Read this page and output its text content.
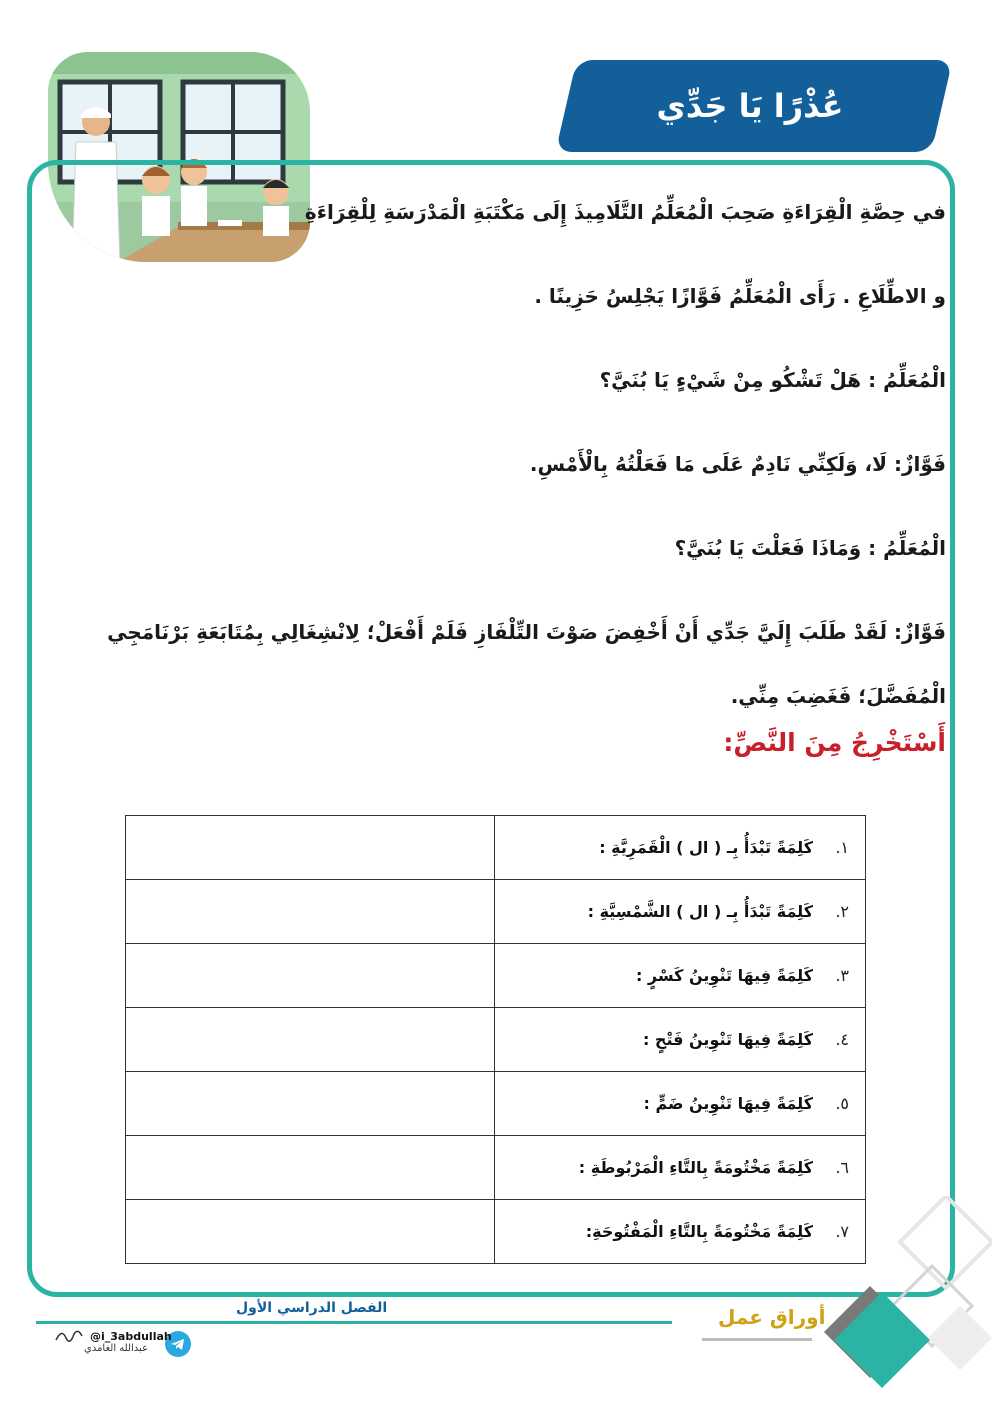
عُذْرًا يَا جَدِّي

في حِصَّةِ الْقِرَاءَةِ صَحِبَ الْمُعَلِّمُ التَّلَامِيذَ إِلَى مَكْتَبَةِ الْمَدْرَسَةِ لِلْقِرَاءَةِ

و الاطِّلَاعِ . رَأَى الْمُعَلِّمُ فَوَّازًا يَجْلِسُ حَزِينًا .

الْمُعَلِّمُ : هَلْ تَشْكُو مِنْ شَيْءٍ يَا بُنَيَّ؟

فَوَّازٌ: لَا، وَلَكِنِّي نَادِمٌ عَلَى مَا فَعَلْتُهُ بِالْأَمْسِ.

الْمُعَلِّمُ : وَمَاذَا فَعَلْتَ يَا بُنَيَّ؟

فَوَّازٌ: لَقَدْ طَلَبَ إِلَيَّ جَدِّي أَنْ أَخْفِضَ صَوْتَ التِّلْفَازِ فَلَمْ أَفْعَلْ؛ لِانْشِغَالِي بِمُتَابَعَةِ بَرْنَامَجِي

الْمُفَضَّلَ؛ فَغَضِبَ مِنِّي.

أَسْتَخْرِجُ مِنَ النَّصِّ:
١.
كَلِمَةً تَبْدَأُ بِـ ( ال ) الْقَمَرِيَّةِ :	

٢.
كَلِمَةً تَبْدَأُ بِـ ( ال ) الشَّمْسِيَّةِ :	

٣.
كَلِمَةً فِيهَا تَنْوِينُ كَسْرٍ :	

٤.
كَلِمَةً فِيهَا تَنْوِينُ فَتْحٍ :	

٥.
كَلِمَةً فِيهَا تَنْوِينُ ضَمٍّ :	

٦.
كَلِمَةً مَخْتُومَةً بِالتَّاءِ الْمَرْبُوطَةِ :	

٧.
كَلِمَةً مَخْتُومَةً بِالتَّاءِ الْمَفْتُوحَةِ:	

الفصل الدراسي الأول	أوراق عمل
@i_3abdullah
عبدالله الغامدي
